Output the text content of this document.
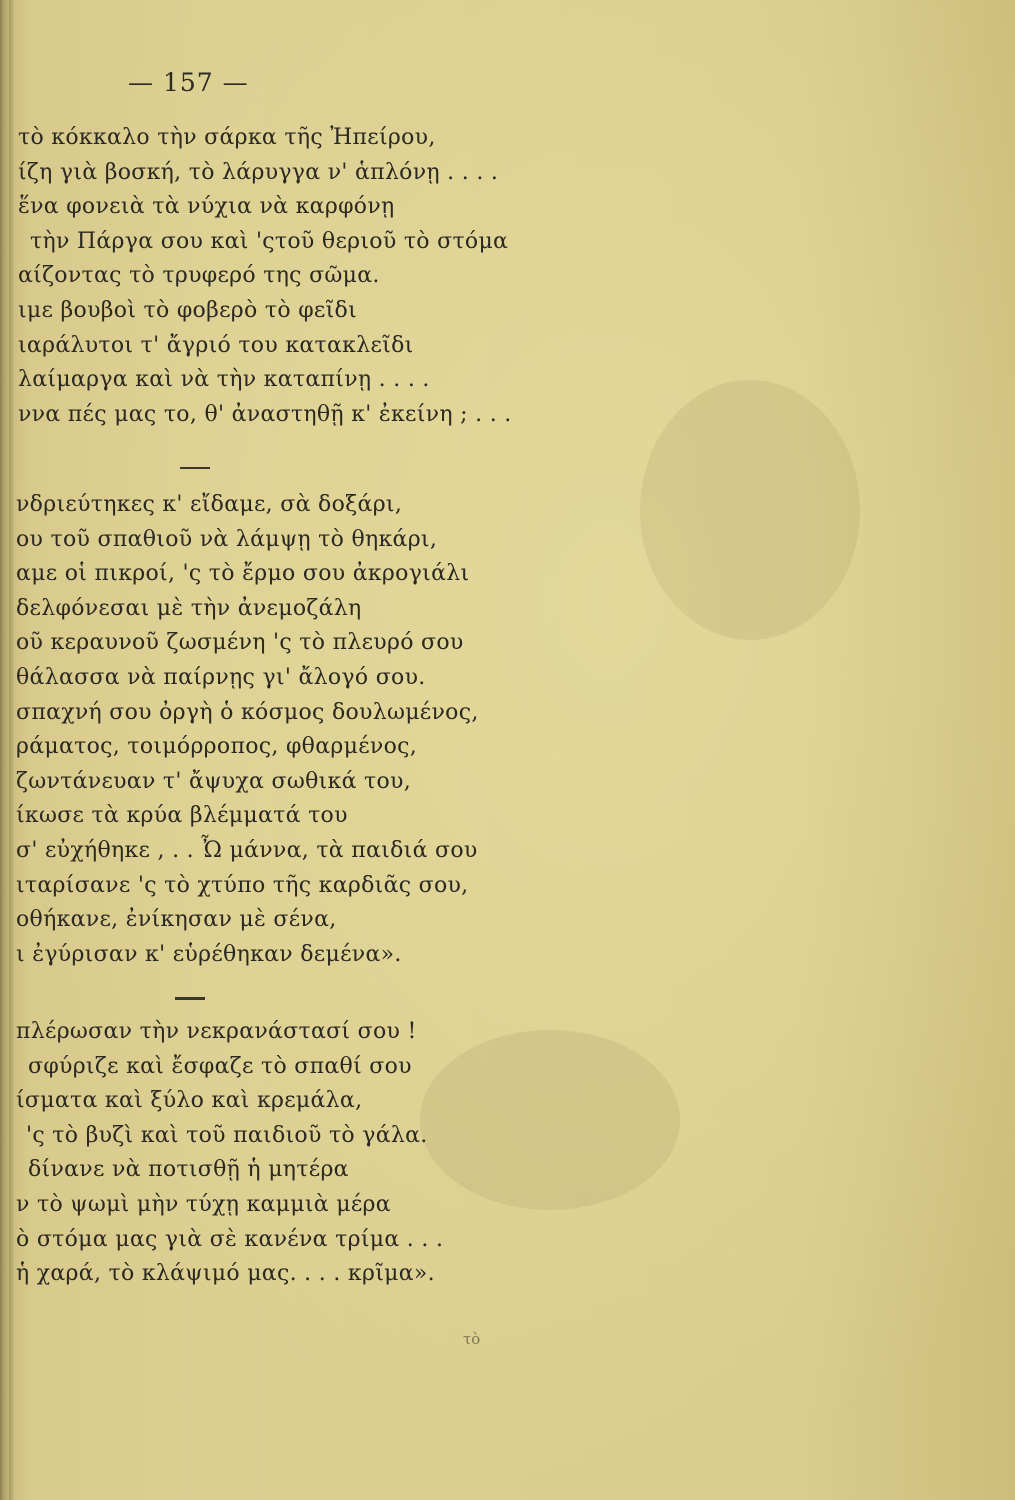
— 157 —
τὸ κόκκαλο τὴν σάρκα τῆς Ἠπείρου,
ίζη γιὰ βοσκή, τὸ λάρυγγα ν' ἁπλόνῃ . . . .
ἕνα φονειὰ τὰ νύχια νὰ καρφόνῃ
τὴν Πάργα σου καὶ 'ςτοῦ θεριοῦ τὸ στόμα
αίζοντας τὸ τρυφερό της σῶμα.
ιμε βουβοὶ τὸ φοβερὸ τὸ φεῖδι
ιαράλυτοι τ' ἄγριό του κατακλεῖδι
λαίμαργα καὶ νὰ τὴν καταπίνῃ . . . .
ννα πές μας το, θ' ἀναστηθῇ κ' ἐκείνη ; . . .
νδριεύτηκες κ' εἴδαμε, σὰ δοξάρι,
ου τοῦ σπαθιοῦ νὰ λάμψῃ τὸ θηκάρι,
αμε οἱ πικροί, 'ς τὸ ἔρμο σου ἀκρογιάλι
δελφόνεσαι μὲ τὴν ἀνεμοζάλη
οῦ κεραυνοῦ ζωσμένη 'ς τὸ πλευρό σου
θάλασσα νὰ παίρνῃς γι' ἄλογό σου.
σπαχνή σου ὀργὴ ὁ κόσμος δουλωμένος,
ράματος, τοιμόρροπος, φθαρμένος,
ζωντάνευαν τ' ἄψυχα σωθικά του,
ίκωσε τὰ κρύα βλέμματά του
σ' εὐχήθηκε , . . Ὦ μάννα, τὰ παιδιά σου
ιταρίσανε 'ς τὸ χτύπο τῆς καρδιᾶς σου,
οθήκανε, ἐνίκησαν μὲ σένα,
ι ἐγύρισαν κ' εὑρέθηκαν δεμένα».
πλέρωσαν τὴν νεκρανάστασί σου !
σφύριζε καὶ ἔσφαζε τὸ σπαθί σου
ίσματα καὶ ξύλο καὶ κρεμάλα,
'ς τὸ βυζὶ καὶ τοῦ παιδιοῦ τὸ γάλα.
δίνανε νὰ ποτισθῇ ἡ μητέρα
ν τὸ ψωμὶ μὴν τύχῃ καμμιὰ μέρα
ὸ στόμα μας γιὰ σὲ κανένα τρίμα . . .
ἡ χαρά, τὸ κλάψιμό μας. . . . κρῖμα».
τὸ
